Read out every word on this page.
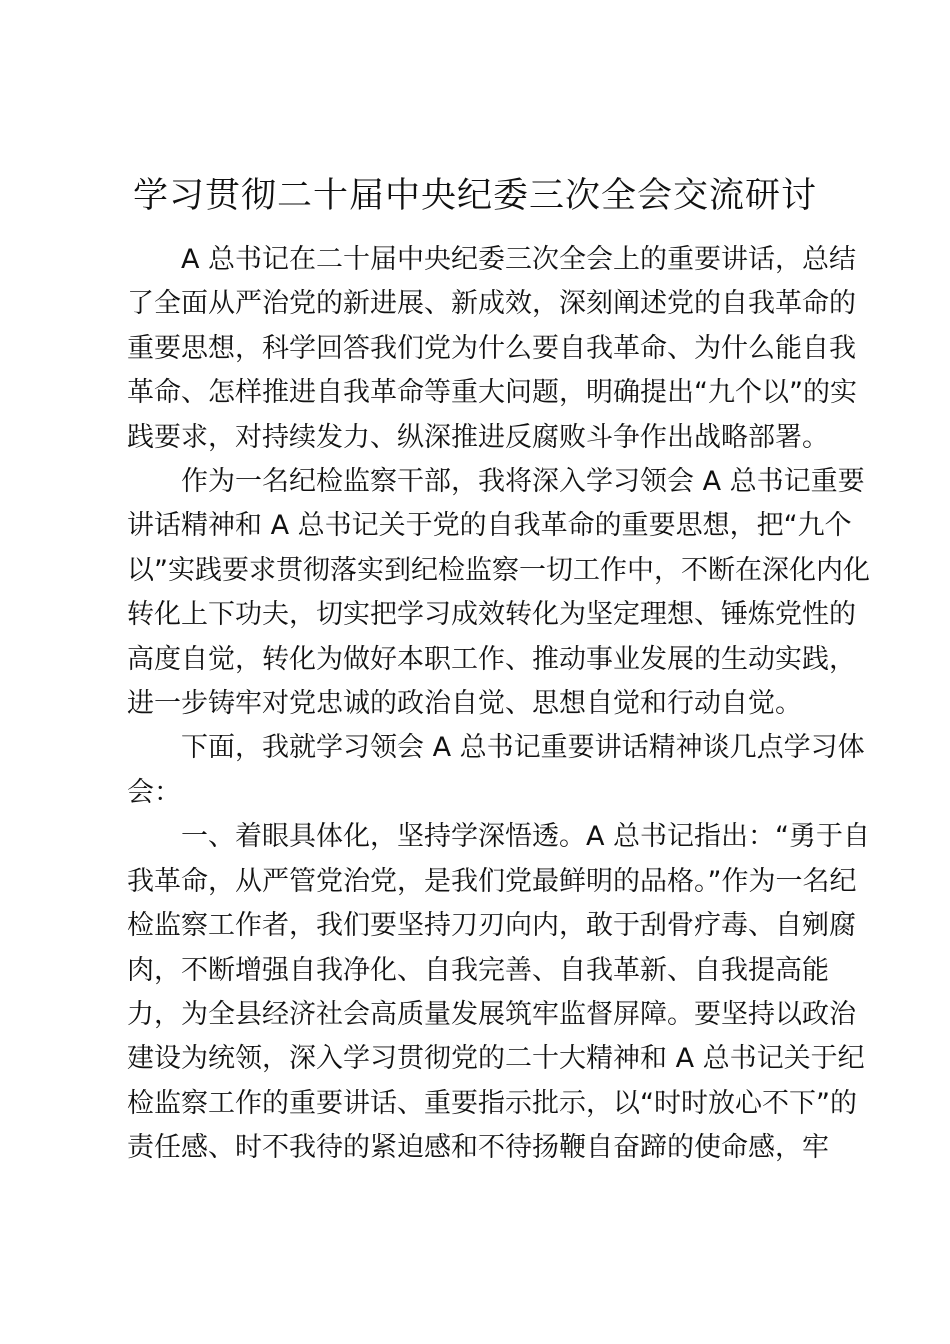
学习贯彻二十届中央纪委三次全会交流研讨
A 总书记在二十届中央纪委三次全会上的重要讲话，总结
了全面从严治党的新进展、新成效，深刻阐述党的自我革命的
重要思想，科学回答我们党为什么要自我革命、为什么能自我
革命、怎样推进自我革命等重大问题，明确提出“九个以”的实
践要求，对持续发力、纵深推进反腐败斗争作出战略部署。
作为一名纪检监察干部，我将深入学习领会 A 总书记重要
讲话精神和 A 总书记关于党的自我革命的重要思想，把“九个
以”实践要求贯彻落实到纪检监察一切工作中，不断在深化内化
转化上下功夫，切实把学习成效转化为坚定理想、锤炼党性的
高度自觉，转化为做好本职工作、推动事业发展的生动实践，
进一步铸牢对党忠诚的政治自觉、思想自觉和行动自觉。
下面，我就学习领会 A 总书记重要讲话精神谈几点学习体
会：
一、着眼具体化，坚持学深悟透。A 总书记指出：“勇于自
我革命，从严管党治党，是我们党最鲜明的品格。”作为一名纪
检监察工作者，我们要坚持刀刃向内，敢于刮骨疗毒、自剜腐
肉，不断增强自我净化、自我完善、自我革新、自我提高能
力，为全县经济社会高质量发展筑牢监督屏障。要坚持以政治
建设为统领，深入学习贯彻党的二十大精神和 A 总书记关于纪
检监察工作的重要讲话、重要指示批示，以“时时放心不下”的
责任感、时不我待的紧迫感和不待扬鞭自奋蹄的使命感，牢
